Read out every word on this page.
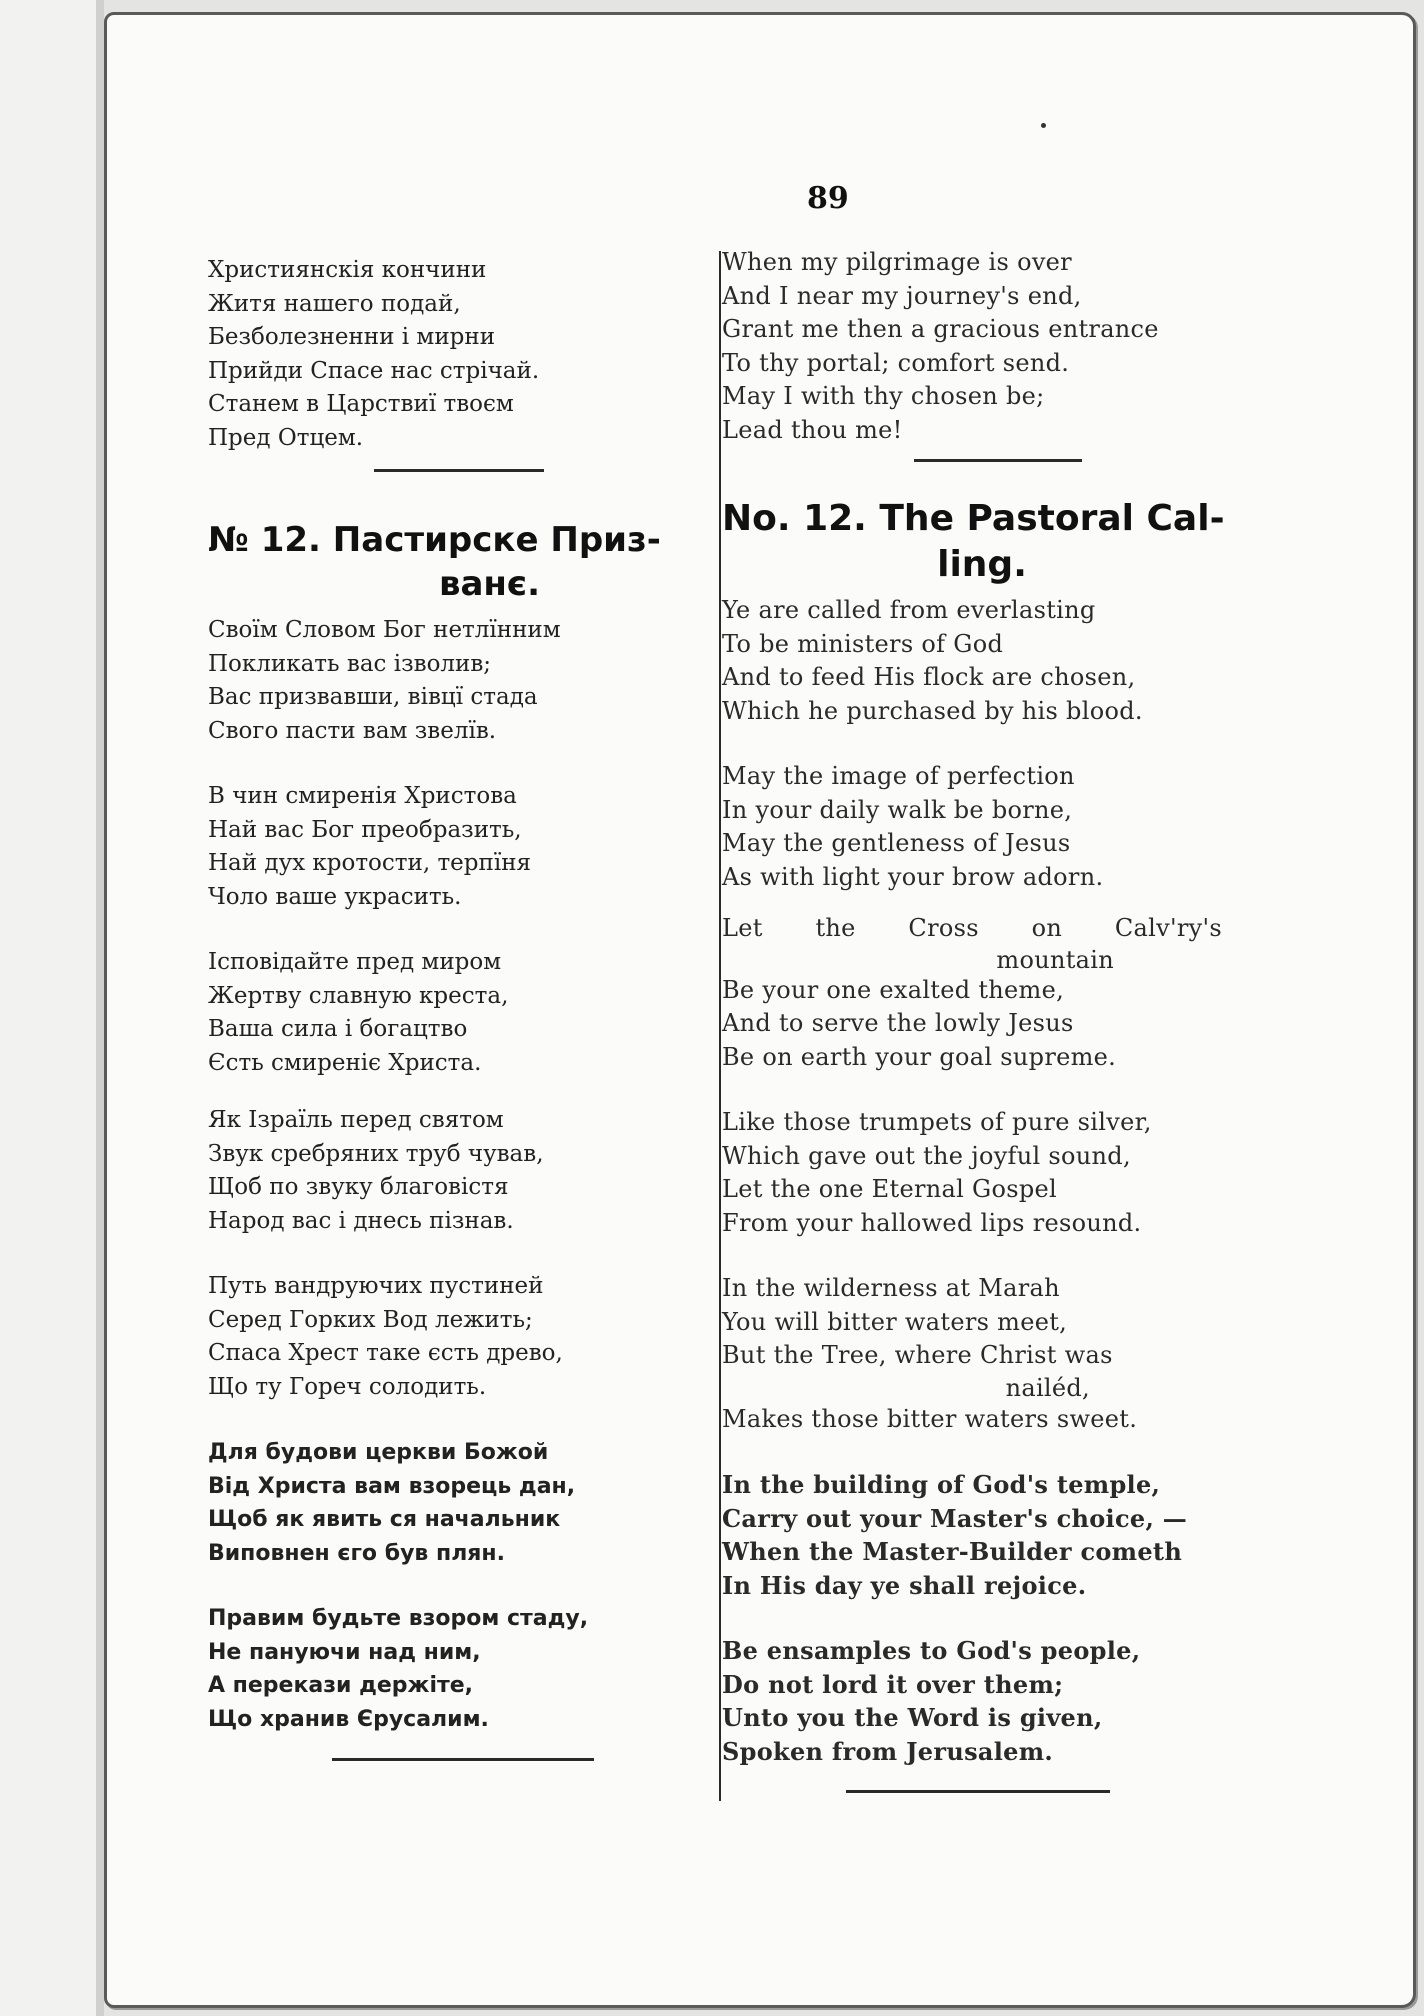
89
Християнскія кончини
Житя нашего подай,
Безболезненни і мирни
Прийди Спасе нас стрічай.
Станем в Царствиї твоєм
Пред Отцем.
№ 12. Пастирске Приз-
ванє.
Своїм Словом Бог нетлїнним
Покликать вас ізволив;
Вас призвавши, вівцї стада
Свого пасти вам звелїв.
В чин смиренія Христова
Най вас Бог преобразить,
Най дух кротости, терпїня
Чоло ваше украсить.
Ісповідайте пред миром
Жертву славную креста,
Ваша сила і богацтво
Єсть смиреніє Христа.
Як Ізраїль перед святом
Звук сребряних труб чував,
Щоб по звуку благовістя
Народ вас і днесь пізнав.
Путь вандруючих пустиней
Серед Горких Вод лежить;
Спаса Хрест таке єсть древо,
Що ту Гореч солодить.
Для будови церкви Божой
Від Христа вам взорець дан,
Щоб як явить ся начальник
Виповнен єго був плян.
Правим будьте взором стаду,
Не пануючи над ним,
А перекази держіте,
Що хранив Єрусалим.
When my pilgrimage is over
And I near my journey's end,
Grant me then a gracious entrance
To thy portal; comfort send.
May I with thy chosen be;
Lead thou me!
No. 12. The Pastoral Cal-
ling.
Ye are called from everlasting
To be ministers of God
And to feed His flock are chosen,
Which he purchased by his blood.
May the image of perfection
In your daily walk be borne,
May the gentleness of Jesus
As with light your brow adorn.
Let the Cross on Calv'ry's
mountain
Be your one exalted theme,
And to serve the lowly Jesus
Be on earth your goal supreme.
Like those trumpets of pure silver,
Which gave out the joyful sound,
Let the one Eternal Gospel
From your hallowed lips resound.
In the wilderness at Marah
You will bitter waters meet,
But the Tree, where Christ was
nailéd,
Makes those bitter waters sweet.
In the building of God's temple,
Carry out your Master's choice, —
When the Master-Builder cometh
In His day ye shall rejoice.
Be ensamples to God's people,
Do not lord it over them;
Unto you the Word is given,
Spoken from Jerusalem.
